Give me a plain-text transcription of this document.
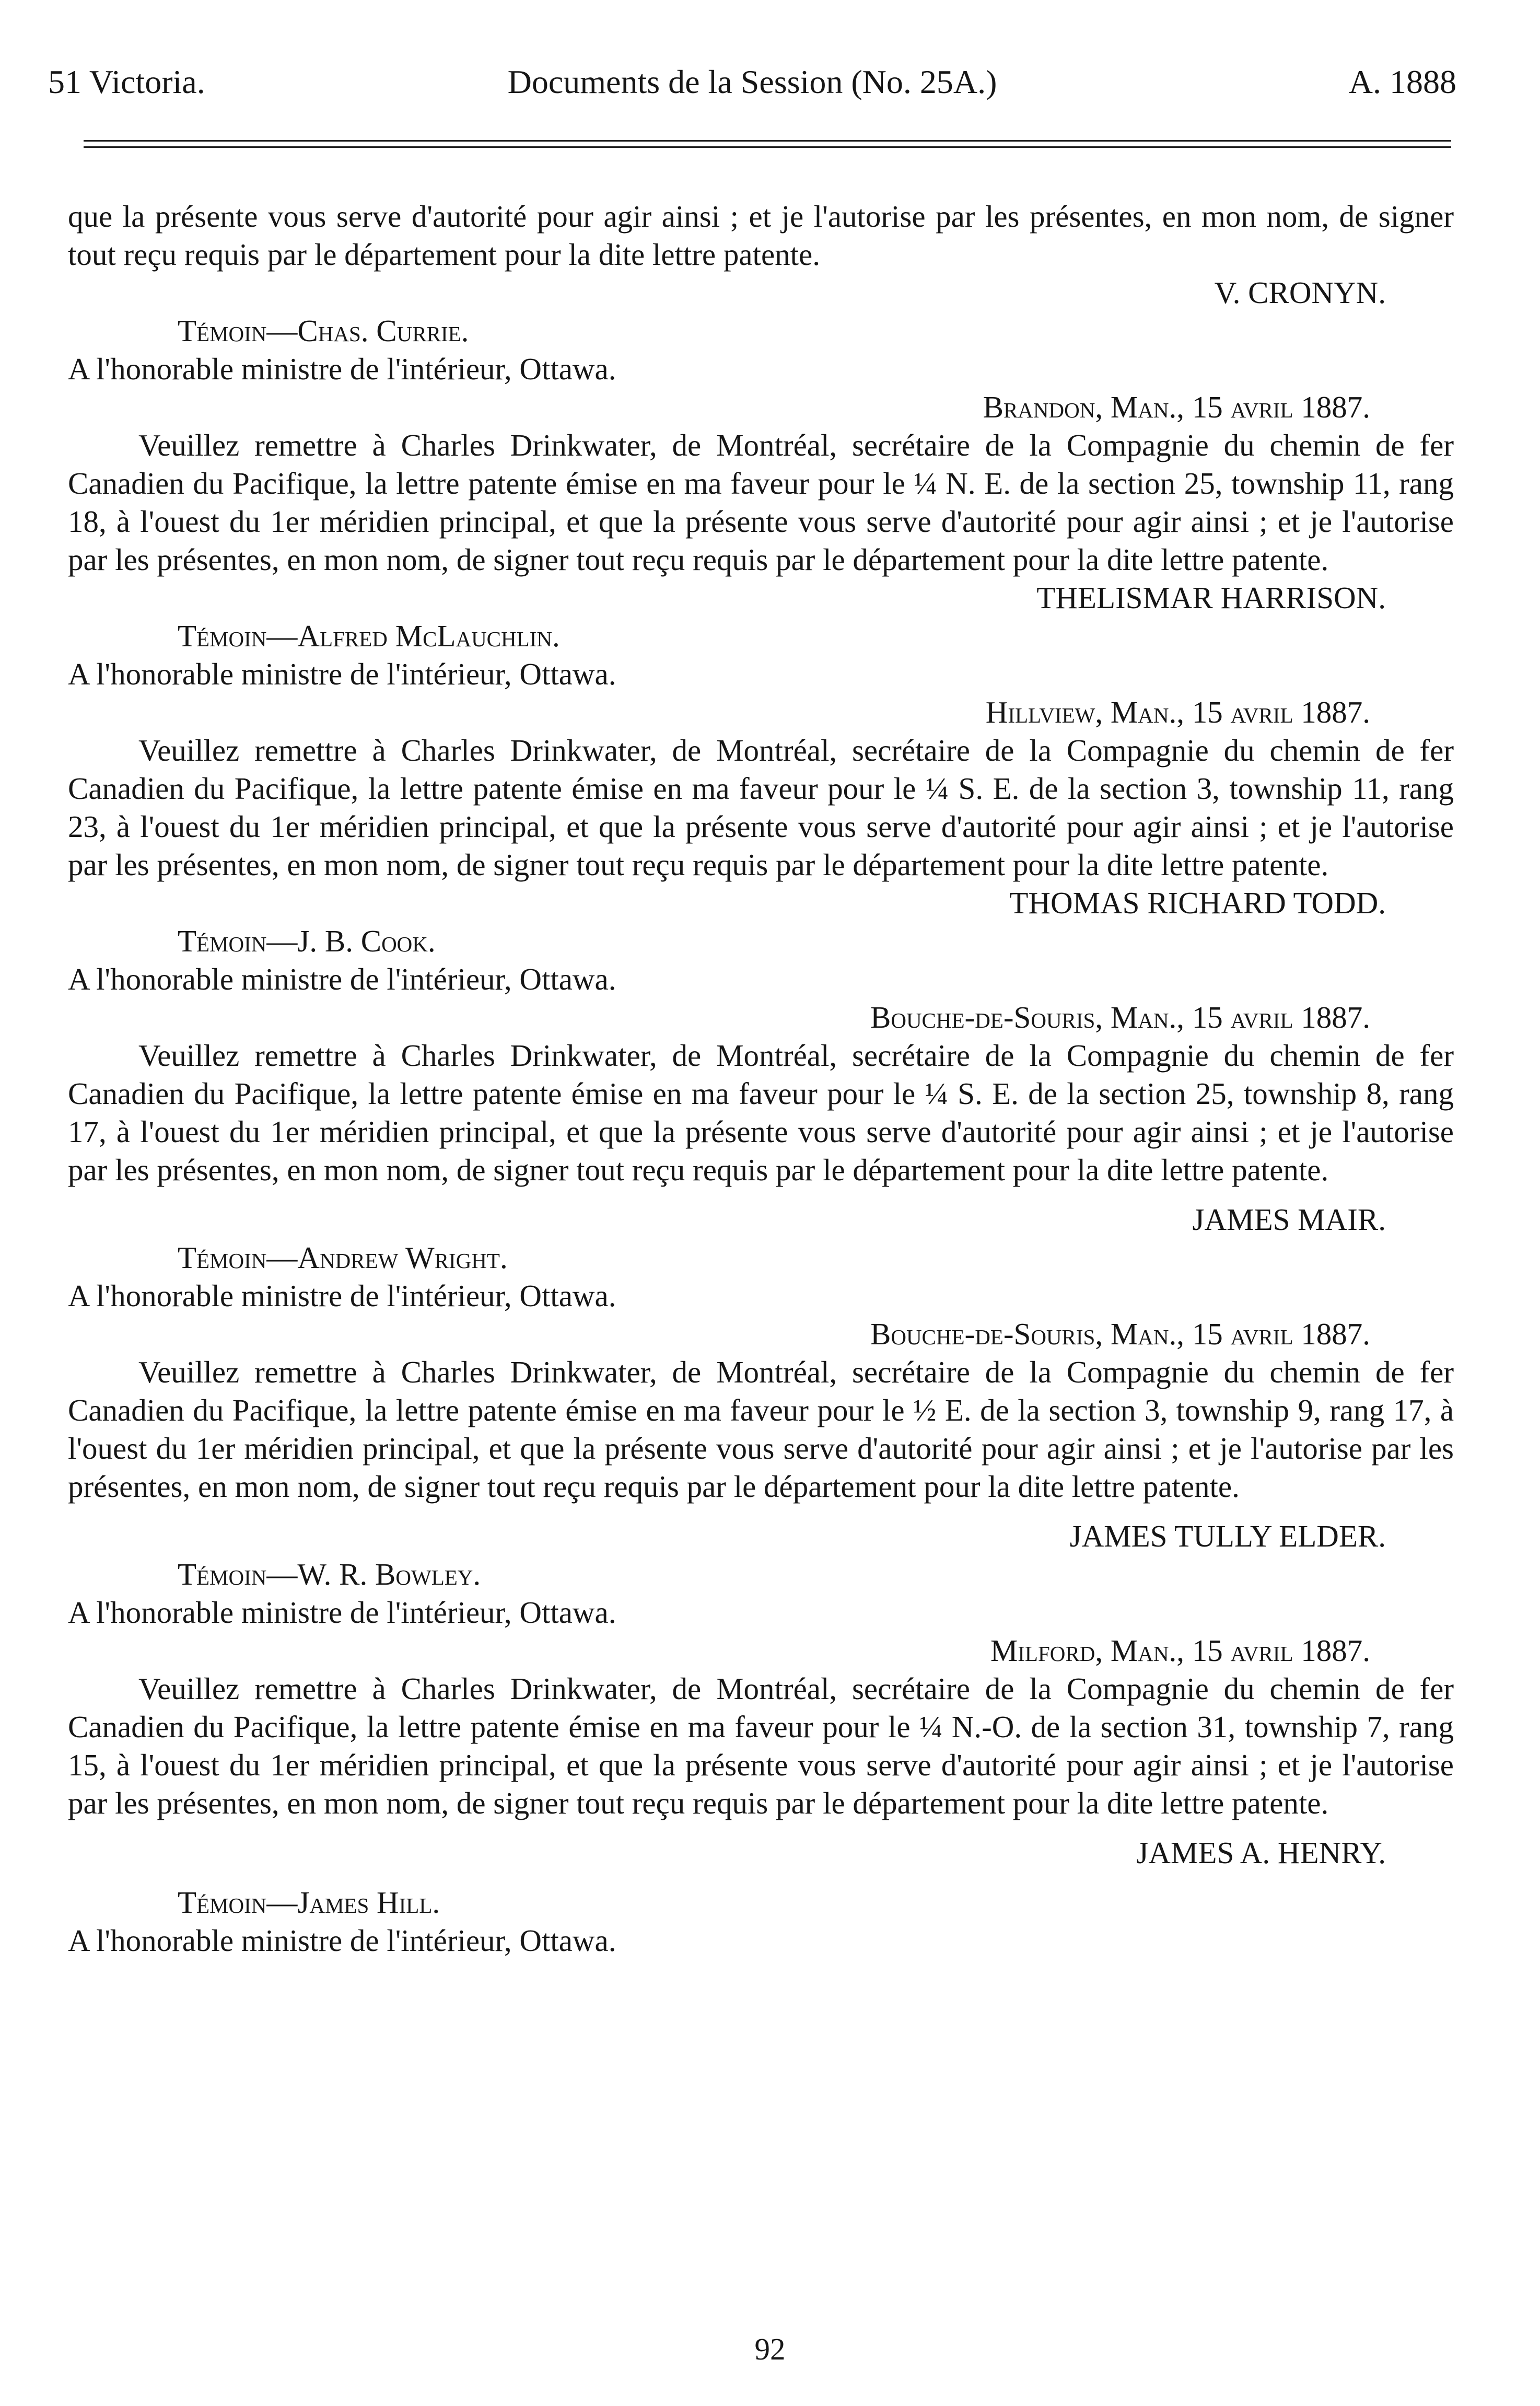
51 Victoria.	Documents de la Session (No. 25A.)	A. 1888

que la présente vous serve d'autorité pour agir ainsi ; et je l'autorise par les présentes, en mon nom, de signer tout reçu requis par le département pour la dite lettre patente.

V. CRONYN.

Témoin—Chas. Currie.

A l'honorable ministre de l'intérieur, Ottawa.

Brandon, Man., 15 avril 1887.

Veuillez remettre à Charles Drinkwater, de Montréal, secrétaire de la Compagnie du chemin de fer Canadien du Pacifique, la lettre patente émise en ma faveur pour le ¼ N. E. de la section 25, township 11, rang 18, à l'ouest du 1er méridien principal, et que la présente vous serve d'autorité pour agir ainsi ; et je l'autorise par les présentes, en mon nom, de signer tout reçu requis par le département pour la dite lettre patente.

THELISMAR HARRISON.

Témoin—Alfred McLauchlin.

A l'honorable ministre de l'intérieur, Ottawa.

Hillview, Man., 15 avril 1887.

Veuillez remettre à Charles Drinkwater, de Montréal, secrétaire de la Compagnie du chemin de fer Canadien du Pacifique, la lettre patente émise en ma faveur pour le ¼ S. E. de la section 3, township 11, rang 23, à l'ouest du 1er méridien principal, et que la présente vous serve d'autorité pour agir ainsi ; et je l'autorise par les présentes, en mon nom, de signer tout reçu requis par le département pour la dite lettre patente.

THOMAS RICHARD TODD.

Témoin—J. B. Cook.

A l'honorable ministre de l'intérieur, Ottawa.

Bouche-de-Souris, Man., 15 avril 1887.

Veuillez remettre à Charles Drinkwater, de Montréal, secrétaire de la Compagnie du chemin de fer Canadien du Pacifique, la lettre patente émise en ma faveur pour le ¼ S. E. de la section 25, township 8, rang 17, à l'ouest du 1er méridien principal, et que la présente vous serve d'autorité pour agir ainsi ; et je l'autorise par les présentes, en mon nom, de signer tout reçu requis par le département pour la dite lettre patente.

JAMES MAIR.

Témoin—Andrew Wright.

A l'honorable ministre de l'intérieur, Ottawa.

Bouche-de-Souris, Man., 15 avril 1887.

Veuillez remettre à Charles Drinkwater, de Montréal, secrétaire de la Compagnie du chemin de fer Canadien du Pacifique, la lettre patente émise en ma faveur pour le ½ E. de la section 3, township 9, rang 17, à l'ouest du 1er méridien principal, et que la présente vous serve d'autorité pour agir ainsi ; et je l'autorise par les présentes, en mon nom, de signer tout reçu requis par le département pour la dite lettre patente.

JAMES TULLY ELDER.

Témoin—W. R. Bowley.

A l'honorable ministre de l'intérieur, Ottawa.

Milford, Man., 15 avril 1887.

Veuillez remettre à Charles Drinkwater, de Montréal, secrétaire de la Compagnie du chemin de fer Canadien du Pacifique, la lettre patente émise en ma faveur pour le ¼ N.-O. de la section 31, township 7, rang 15, à l'ouest du 1er méridien principal, et que la présente vous serve d'autorité pour agir ainsi ; et je l'autorise par les présentes, en mon nom, de signer tout reçu requis par le département pour la dite lettre patente.

JAMES A. HENRY.

Témoin—James Hill.

A l'honorable ministre de l'intérieur, Ottawa.

92
